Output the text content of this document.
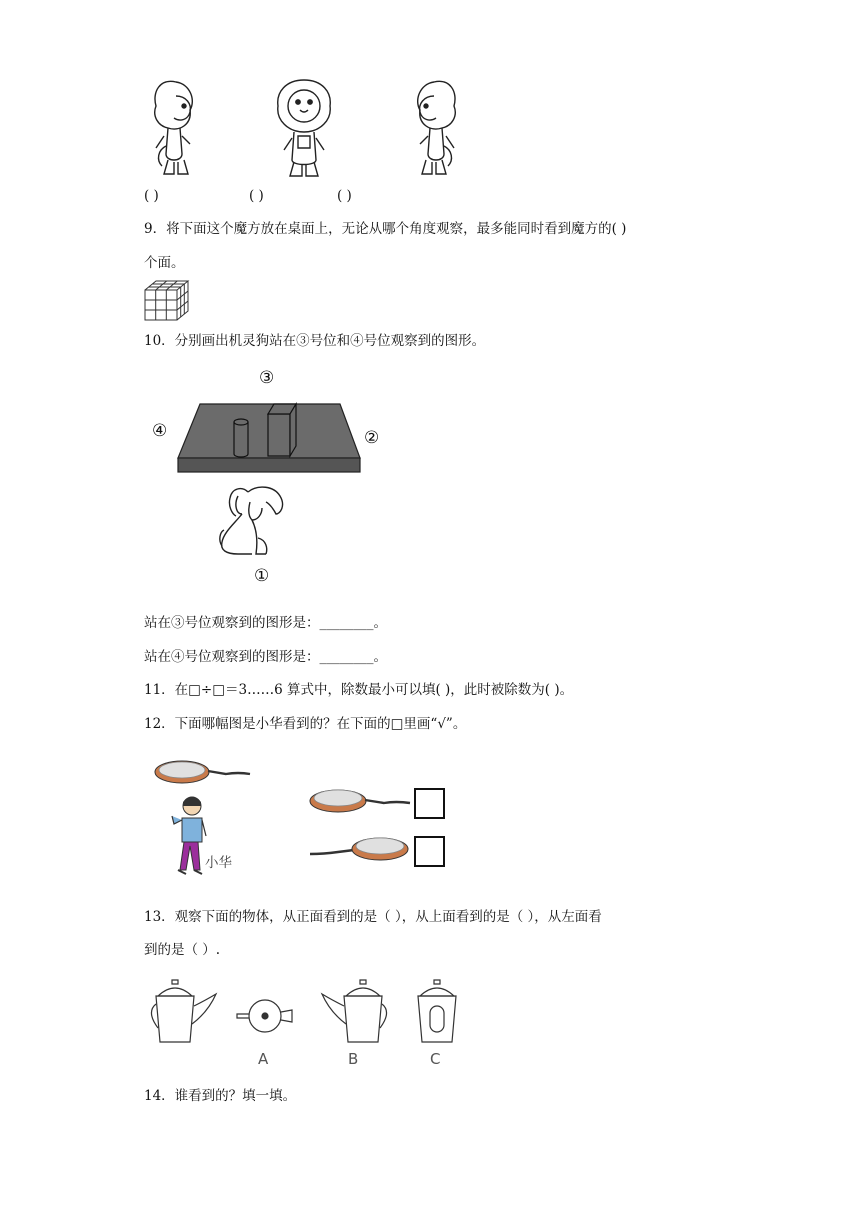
( )	( )	( )
9．将下面这个魔方放在桌面上，无论从哪个角度观察，最多能同时看到魔方的( )
个面。
10．分别画出机灵狗站在③号位和④号位观察到的图形。
③
④	②
①
站在③号位观察到的图形是：________。
站在④号位观察到的图形是：________。
11．在□÷□＝3……6 算式中，除数最小可以填( )，此时被除数为( )。
12．下面哪幅图是小华看到的？在下面的□里画“√”。
小华
13．观察下面的物体，从正面看到的是（ ），从上面看到的是（ ），从左面看
到的是（ ）.
A	B	C
14．谁看到的？填一填。
